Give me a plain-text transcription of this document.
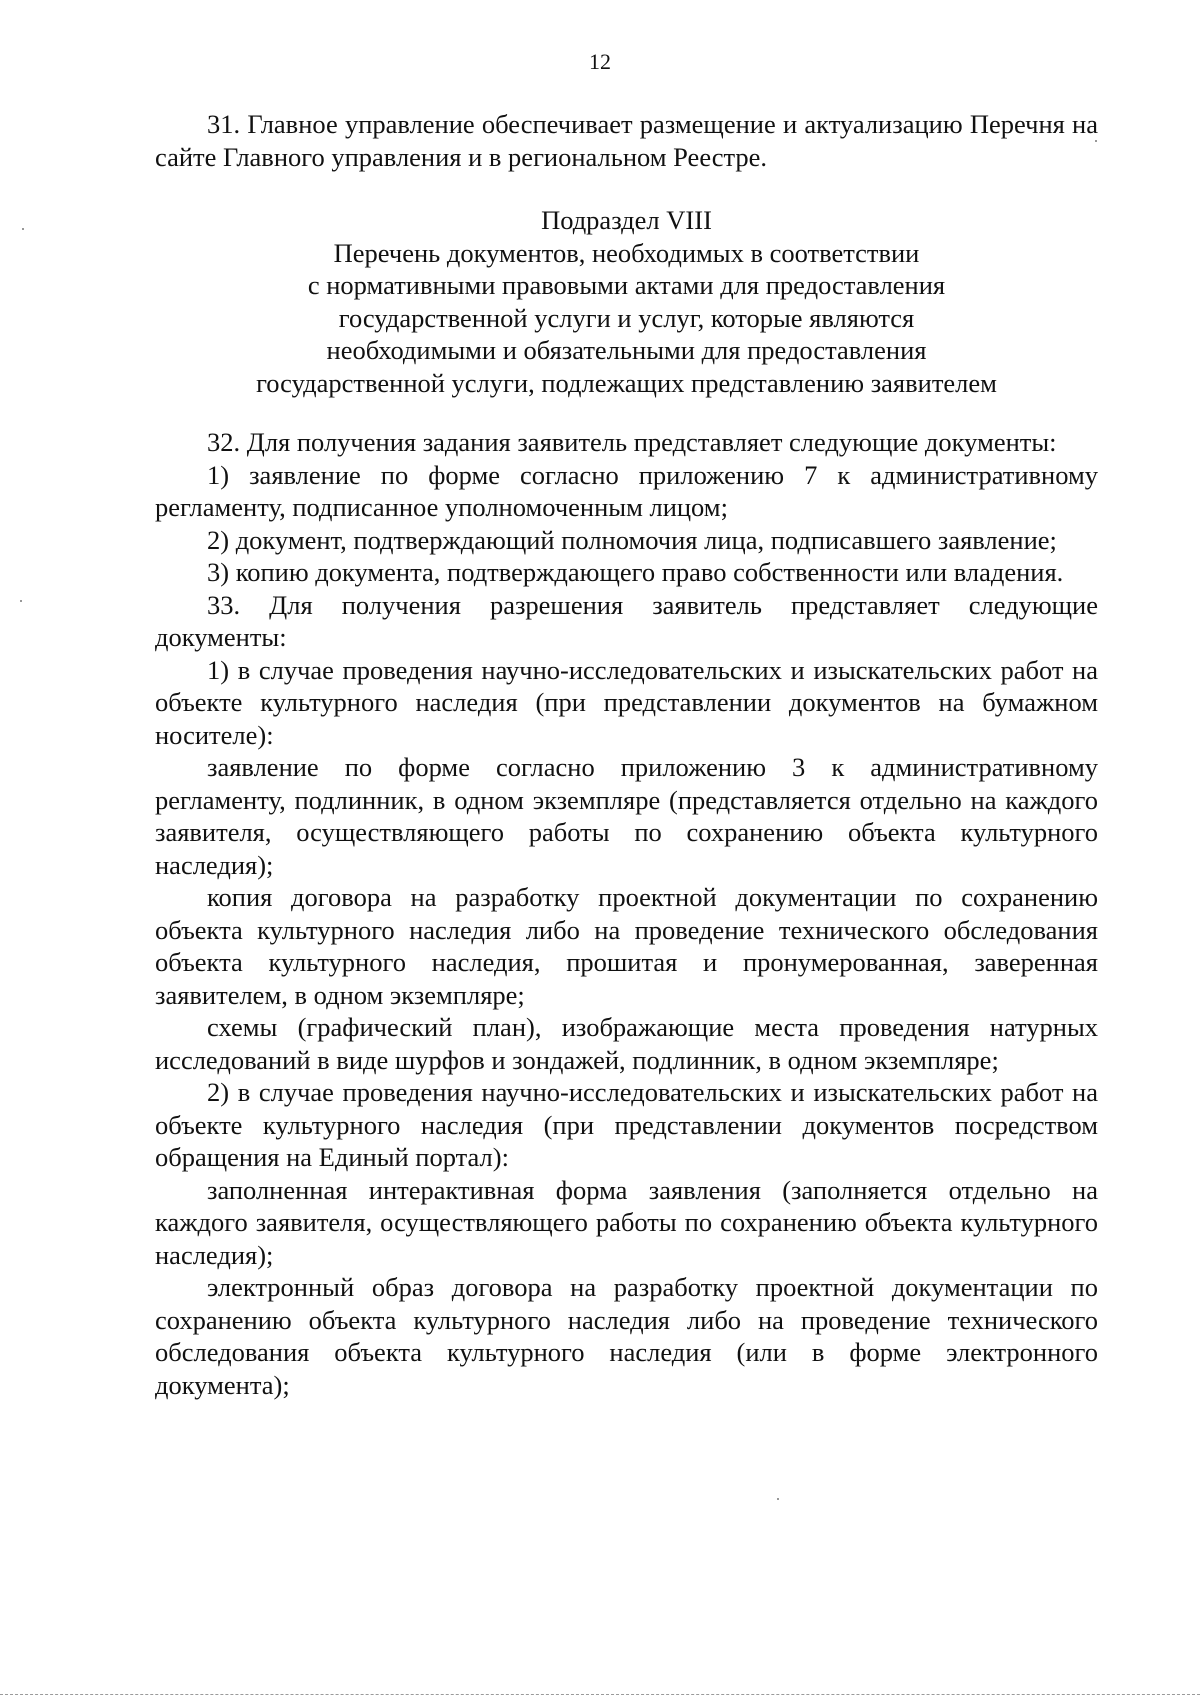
12

31. Главное управление обеспечивает размещение и актуализацию Перечня на сайте Главного управления и в региональном Реестре.

Подраздел VIII

Перечень документов, необходимых в соответствии
с нормативными правовыми актами для предоставления
государственной услуги и услуг, которые являются
необходимыми и обязательными для предоставления
государственной услуги, подлежащих представлению заявителем

32. Для получения задания заявитель представляет следующие документы:

1) заявление по форме согласно приложению 7 к административному регламенту, подписанное уполномоченным лицом;

2) документ, подтверждающий полномочия лица, подписавшего заявление;

3) копию документа, подтверждающего право собственности или владения.

33. Для получения разрешения заявитель представляет следующие документы:

1) в случае проведения научно-исследовательских и изыскательских работ на объекте культурного наследия (при представлении документов на бумажном носителе):

заявление по форме согласно приложению 3 к административному регламенту, подлинник, в одном экземпляре (представляется отдельно на каждого заявителя, осуществляющего работы по сохранению объекта культурного наследия);

копия договора на разработку проектной документации по сохранению объекта культурного наследия либо на проведение технического обследования объекта культурного наследия, прошитая и пронумерованная, заверенная заявителем, в одном экземпляре;

схемы (графический план), изображающие места проведения натурных исследований в виде шурфов и зондажей, подлинник, в одном экземпляре;

2) в случае проведения научно-исследовательских и изыскательских работ на объекте культурного наследия (при представлении документов посредством обращения на Единый портал):

заполненная интерактивная форма заявления (заполняется отдельно на каждого заявителя, осуществляющего работы по сохранению объекта культурного наследия);

электронный образ договора на разработку проектной документации по сохранению объекта культурного наследия либо на проведение технического обследования объекта культурного наследия (или в форме электронного документа);
